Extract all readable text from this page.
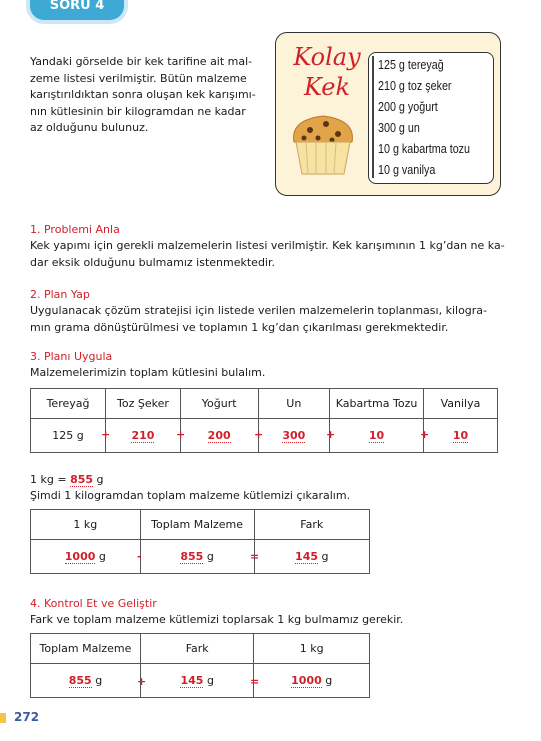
SORU 4
Yandaki görselde bir kek tarifine ait mal-
zeme listesi verilmiştir. Bütün malzeme
karıştırıldıktan sonra oluşan kek karışımı-
nın kütlesinin bir kilogramdan ne kadar
az olduğunu bulunuz.
Kolay
Kek
125 g tereyağ
210 g toz şeker
200 g yoğurt
300 g un
10 g kabartma tozu
10 g vanilya
1. Problemi Anla
Kek yapımı için gerekli malzemelerin listesi verilmiştir. Kek karışımının 1 kg’dan ne ka-
dar eksik olduğunu bulmamız istenmektedir.
2. Plan Yap
Uygulanacak çözüm stratejisi için listede verilen malzemelerin toplanması, kilogra-
mın grama dönüştürülmesi ve toplamın 1 kg’dan çıkarılması gerekmektedir.
3. Planı Uygula
Malzemelerimizin toplam kütlesini bulalım.
Tereyağ	Toz Şeker	Yoğurt	Un	Kabartma Tozu	Vanilya
125 g	210	200	300	10	10
+	+	+	+	+
1 kg = 855 g
Şimdi 1 kilogramdan toplam malzeme kütlemizi çıkaralım.
1 kg	Toplam Malzeme	Fark
1000 g	855 g	145 g
-	=
4. Kontrol Et ve Geliştir
Fark ve toplam malzeme kütlemizi toplarsak 1 kg bulmamız gerekir.
Toplam Malzeme	Fark	1 kg
855 g	145 g	1000 g
+	=
272
